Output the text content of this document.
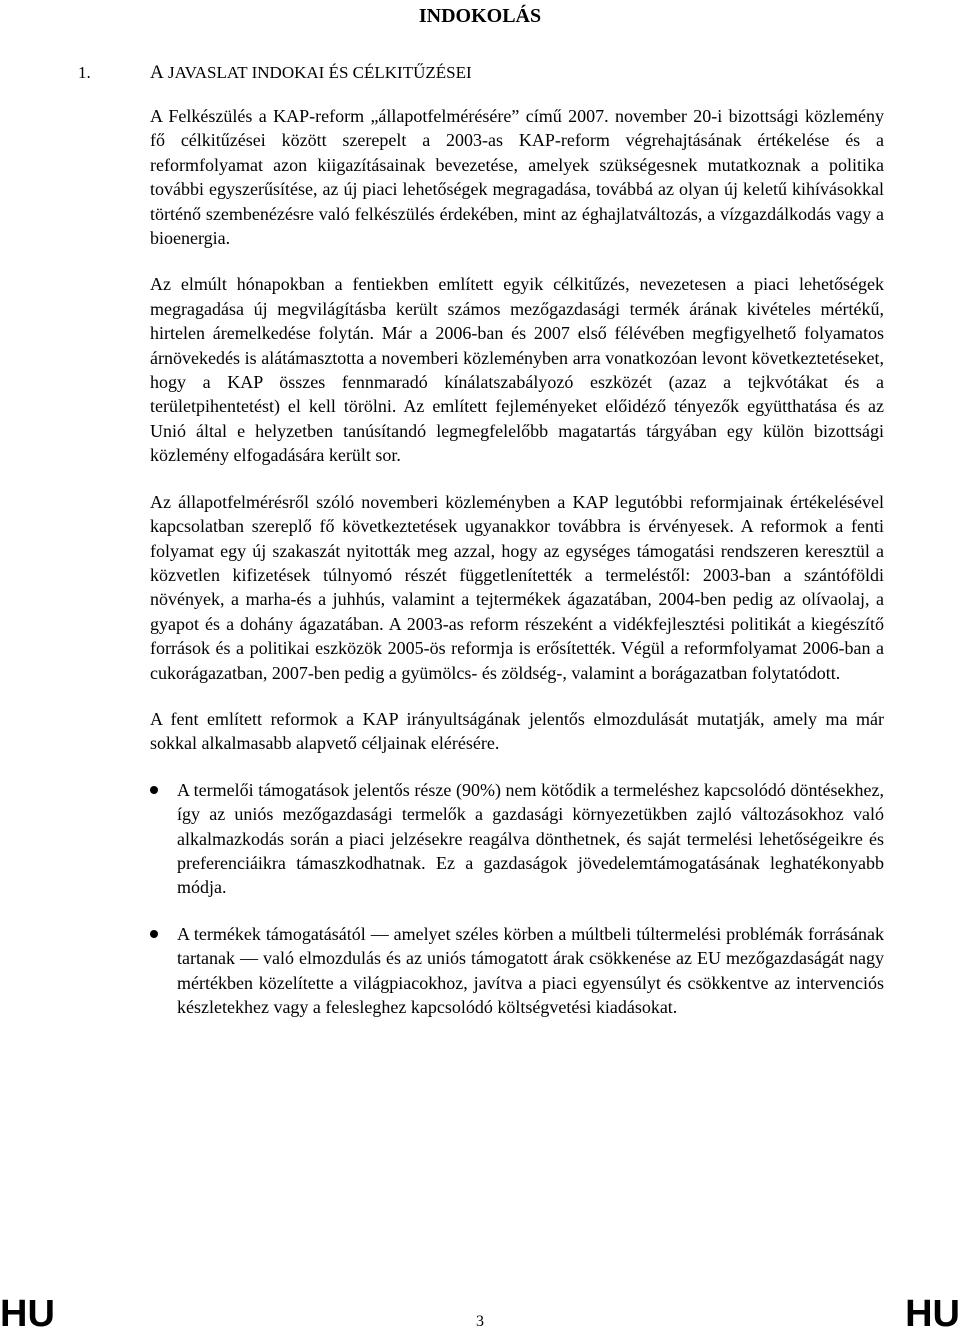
INDOKOLÁS
1.	A JAVASLAT INDOKAI ÉS CÉLKITŰZÉSEI

A Felkészülés a KAP-reform „állapotfelmérésére” című 2007. november 20-i bizottsági közlemény fő célkitűzései között szerepelt a 2003-as KAP-reform végrehajtásának értékelése és a reformfolyamat azon kiigazításainak bevezetése, amelyek szükségesnek mutatkoznak a politika további egyszerűsítése, az új piaci lehetőségek megragadása, továbbá az olyan új keletű kihívásokkal történő szembenézésre való felkészülés érdekében, mint az éghajlatváltozás, a vízgazdálkodás vagy a bioenergia.

Az elmúlt hónapokban a fentiekben említett egyik célkitűzés, nevezetesen a piaci lehetőségek megragadása új megvilágításba került számos mezőgazdasági termék árának kivételes mértékű, hirtelen áremelkedése folytán. Már a 2006-ban és 2007 első félévében megfigyelhető folyamatos árnövekedés is alátámasztotta a novemberi közleményben arra vonatkozóan levont következtetéseket, hogy a KAP összes fennmaradó kínálatszabályozó eszközét (azaz a tejkvótákat és a területpihentetést) el kell törölni. Az említett fejleményeket előidéző tényezők együtthatása és az Unió által e helyzetben tanúsítandó legmegfelelőbb magatartás tárgyában egy külön bizottsági közlemény elfogadására került sor.

Az állapotfelmérésről szóló novemberi közleményben a KAP legutóbbi reformjainak értékelésével kapcsolatban szereplő fő következtetések ugyanakkor továbbra is érvényesek. A reformok a fenti folyamat egy új szakaszát nyitották meg azzal, hogy az egységes támogatási rendszeren keresztül a közvetlen kifizetések túlnyomó részét függetlenítették a termeléstől: 2003-ban a szántóföldi növények, a marha-és a juhhús, valamint a tejtermékek ágazatában, 2004-ben pedig az olívaolaj, a gyapot és a dohány ágazatában. A 2003-as reform részeként a vidékfejlesztési politikát a kiegészítő források és a politikai eszközök 2005-ös reformja is erősítették. Végül a reformfolyamat 2006-ban a cukorágazatban, 2007-ben pedig a gyümölcs- és zöldség-, valamint a borágazatban folytatódott.

A fent említett reformok a KAP irányultságának jelentős elmozdulását mutatják, amely ma már sokkal alkalmasabb alapvető céljainak elérésére.

A termelői támogatások jelentős része (90%) nem kötődik a termeléshez kapcsolódó döntésekhez, így az uniós mezőgazdasági termelők a gazdasági környezetükben zajló változásokhoz való alkalmazkodás során a piaci jelzésekre reagálva dönthetnek, és saját termelési lehetőségeikre és preferenciáikra támaszkodhatnak. Ez a gazdaságok jövedelemtámogatásának leghatékonyabb módja.
A termékek támogatásától — amelyet széles körben a múltbeli túltermelési problémák forrásának tartanak — való elmozdulás és az uniós támogatott árak csökkenése az EU mezőgazdaságát nagy mértékben közelítette a világpiacokhoz, javítva a piaci egyensúlyt és csökkentve az intervenciós készletekhez vagy a felesleghez kapcsolódó költségvetési kiadásokat.
HU	3	HU
